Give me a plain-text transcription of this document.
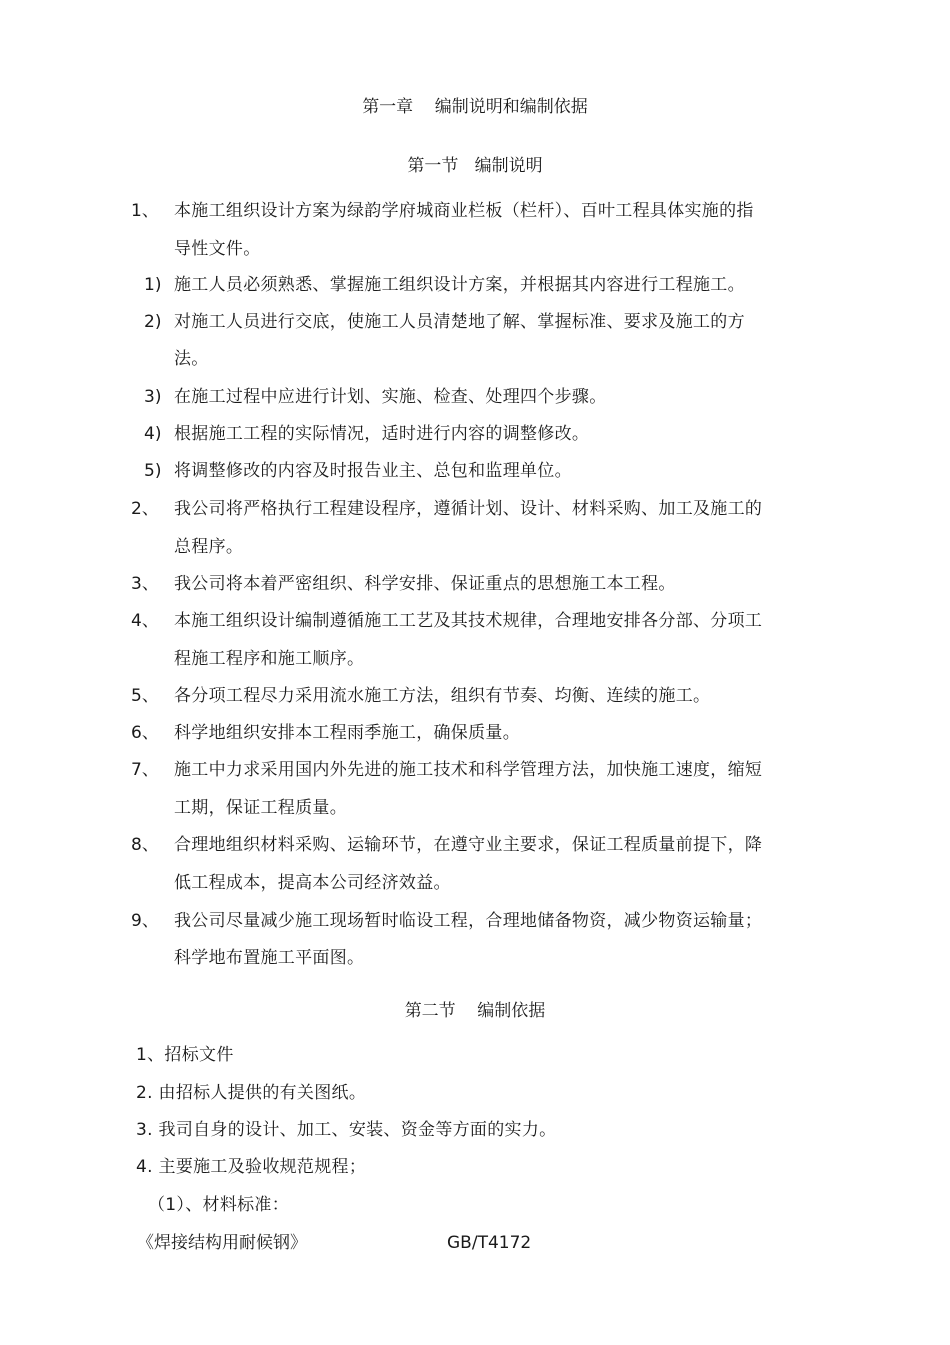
第一章    编制说明和编制依据
第一节   编制说明
1、 本施工组织设计方案为绿韵学府城商业栏板（栏杆）、百叶工程具体实施的指
导性文件。
1) 施工人员必须熟悉、掌握施工组织设计方案，并根据其内容进行工程施工。
2) 对施工人员进行交底，使施工人员清楚地了解、掌握标准、要求及施工的方
法。
3) 在施工过程中应进行计划、实施、检查、处理四个步骤。
4) 根据施工工程的实际情况，适时进行内容的调整修改。
5) 将调整修改的内容及时报告业主、总包和监理单位。
2、 我公司将严格执行工程建设程序，遵循计划、设计、材料采购、加工及施工的
总程序。
3、 我公司将本着严密组织、科学安排、保证重点的思想施工本工程。
4、 本施工组织设计编制遵循施工工艺及其技术规律，合理地安排各分部、分项工
程施工程序和施工顺序。
5、 各分项工程尽力采用流水施工方法，组织有节奏、均衡、连续的施工。
6、 科学地组织安排本工程雨季施工，确保质量。
7、 施工中力求采用国内外先进的施工技术和科学管理方法，加快施工速度，缩短
工期，保证工程质量。
8、 合理地组织材料采购、运输环节，在遵守业主要求，保证工程质量前提下，降
低工程成本，提高本公司经济效益。
9、 我公司尽量减少施工现场暂时临设工程，合理地储备物资，减少物资运输量；
科学地布置施工平面图。
第二节    编制依据
1、招标文件
2. 由招标人提供的有关图纸。
3. 我司自身的设计、加工、安装、资金等方面的实力。
4. 主要施工及验收规范规程；
（1）、材料标准：
《焊接结构用耐候钢》	GB/T4172
